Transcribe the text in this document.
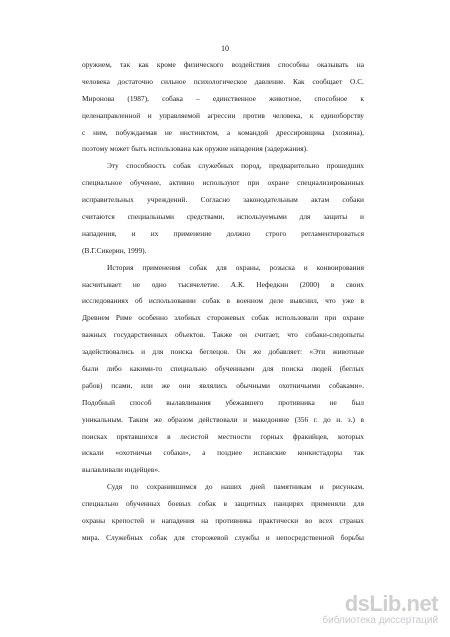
10
оружием, так как кроме физического воздействия способны оказывать на
человека достаточно сильное психологическое давление. Как сообщает О.С.
Миронова (1987), собака – единственное животное, способное к
целенаправленной и управляемой агрессии против человека, к единоборству
с ним, побуждаемая не инстинктом, а командой дрессировщика (хозяина),
поэтому может быть использована как оружие нападения (задержания).
Эту способность собак служебных пород, предварительно прошедших
специальное обучение, активно используют при охране специализированных
исправительных учреждений. Согласно законодательным актам собаки
считаются специальными средствами, используемыми для защиты и
нападения, и их применение должно строго регламентироваться
(В.Г.Сикерин, 1999).
История применения собак для охраны, розыска и конвоирования
насчитывает не одно тысячелетие. А.К. Нефедкин (2000) в своих
исследованиях об использовании собак в военном деле выяснил, что уже в
Древнем Риме особенно злобных сторожевых собак использовали при охране
важных государственных объектов. Также он считает, что собаки-следопыты
задействовались и для поиска беглецов. Он же добавляет: «Эти животные
были либо какими-то специально обученными для поиска людей (беглых
рабов) псами, или же они являлись обычными охотничьими собаками».
Подобный способ вылавливания убежавшего противника не был
уникальным. Таким же образом действовали и македоняне (356 г. до н. э.) в
поисках прятавшихся в лесистой местности горных фракийцев, которых
искали «охотничьи собаки», а позднее испанские конкистадоры так
вылавливали индейцев».
Судя по сохранившимся до наших дней памятникам и рисункам,
специально обученных боевых собак в защитных панцирях применяли для
охраны крепостей и нападения на противника практически во всех странах
мира. Служебных собак для сторожевой службы и непосредственной борьбы
dsLib.net
библиотека диссертаций
